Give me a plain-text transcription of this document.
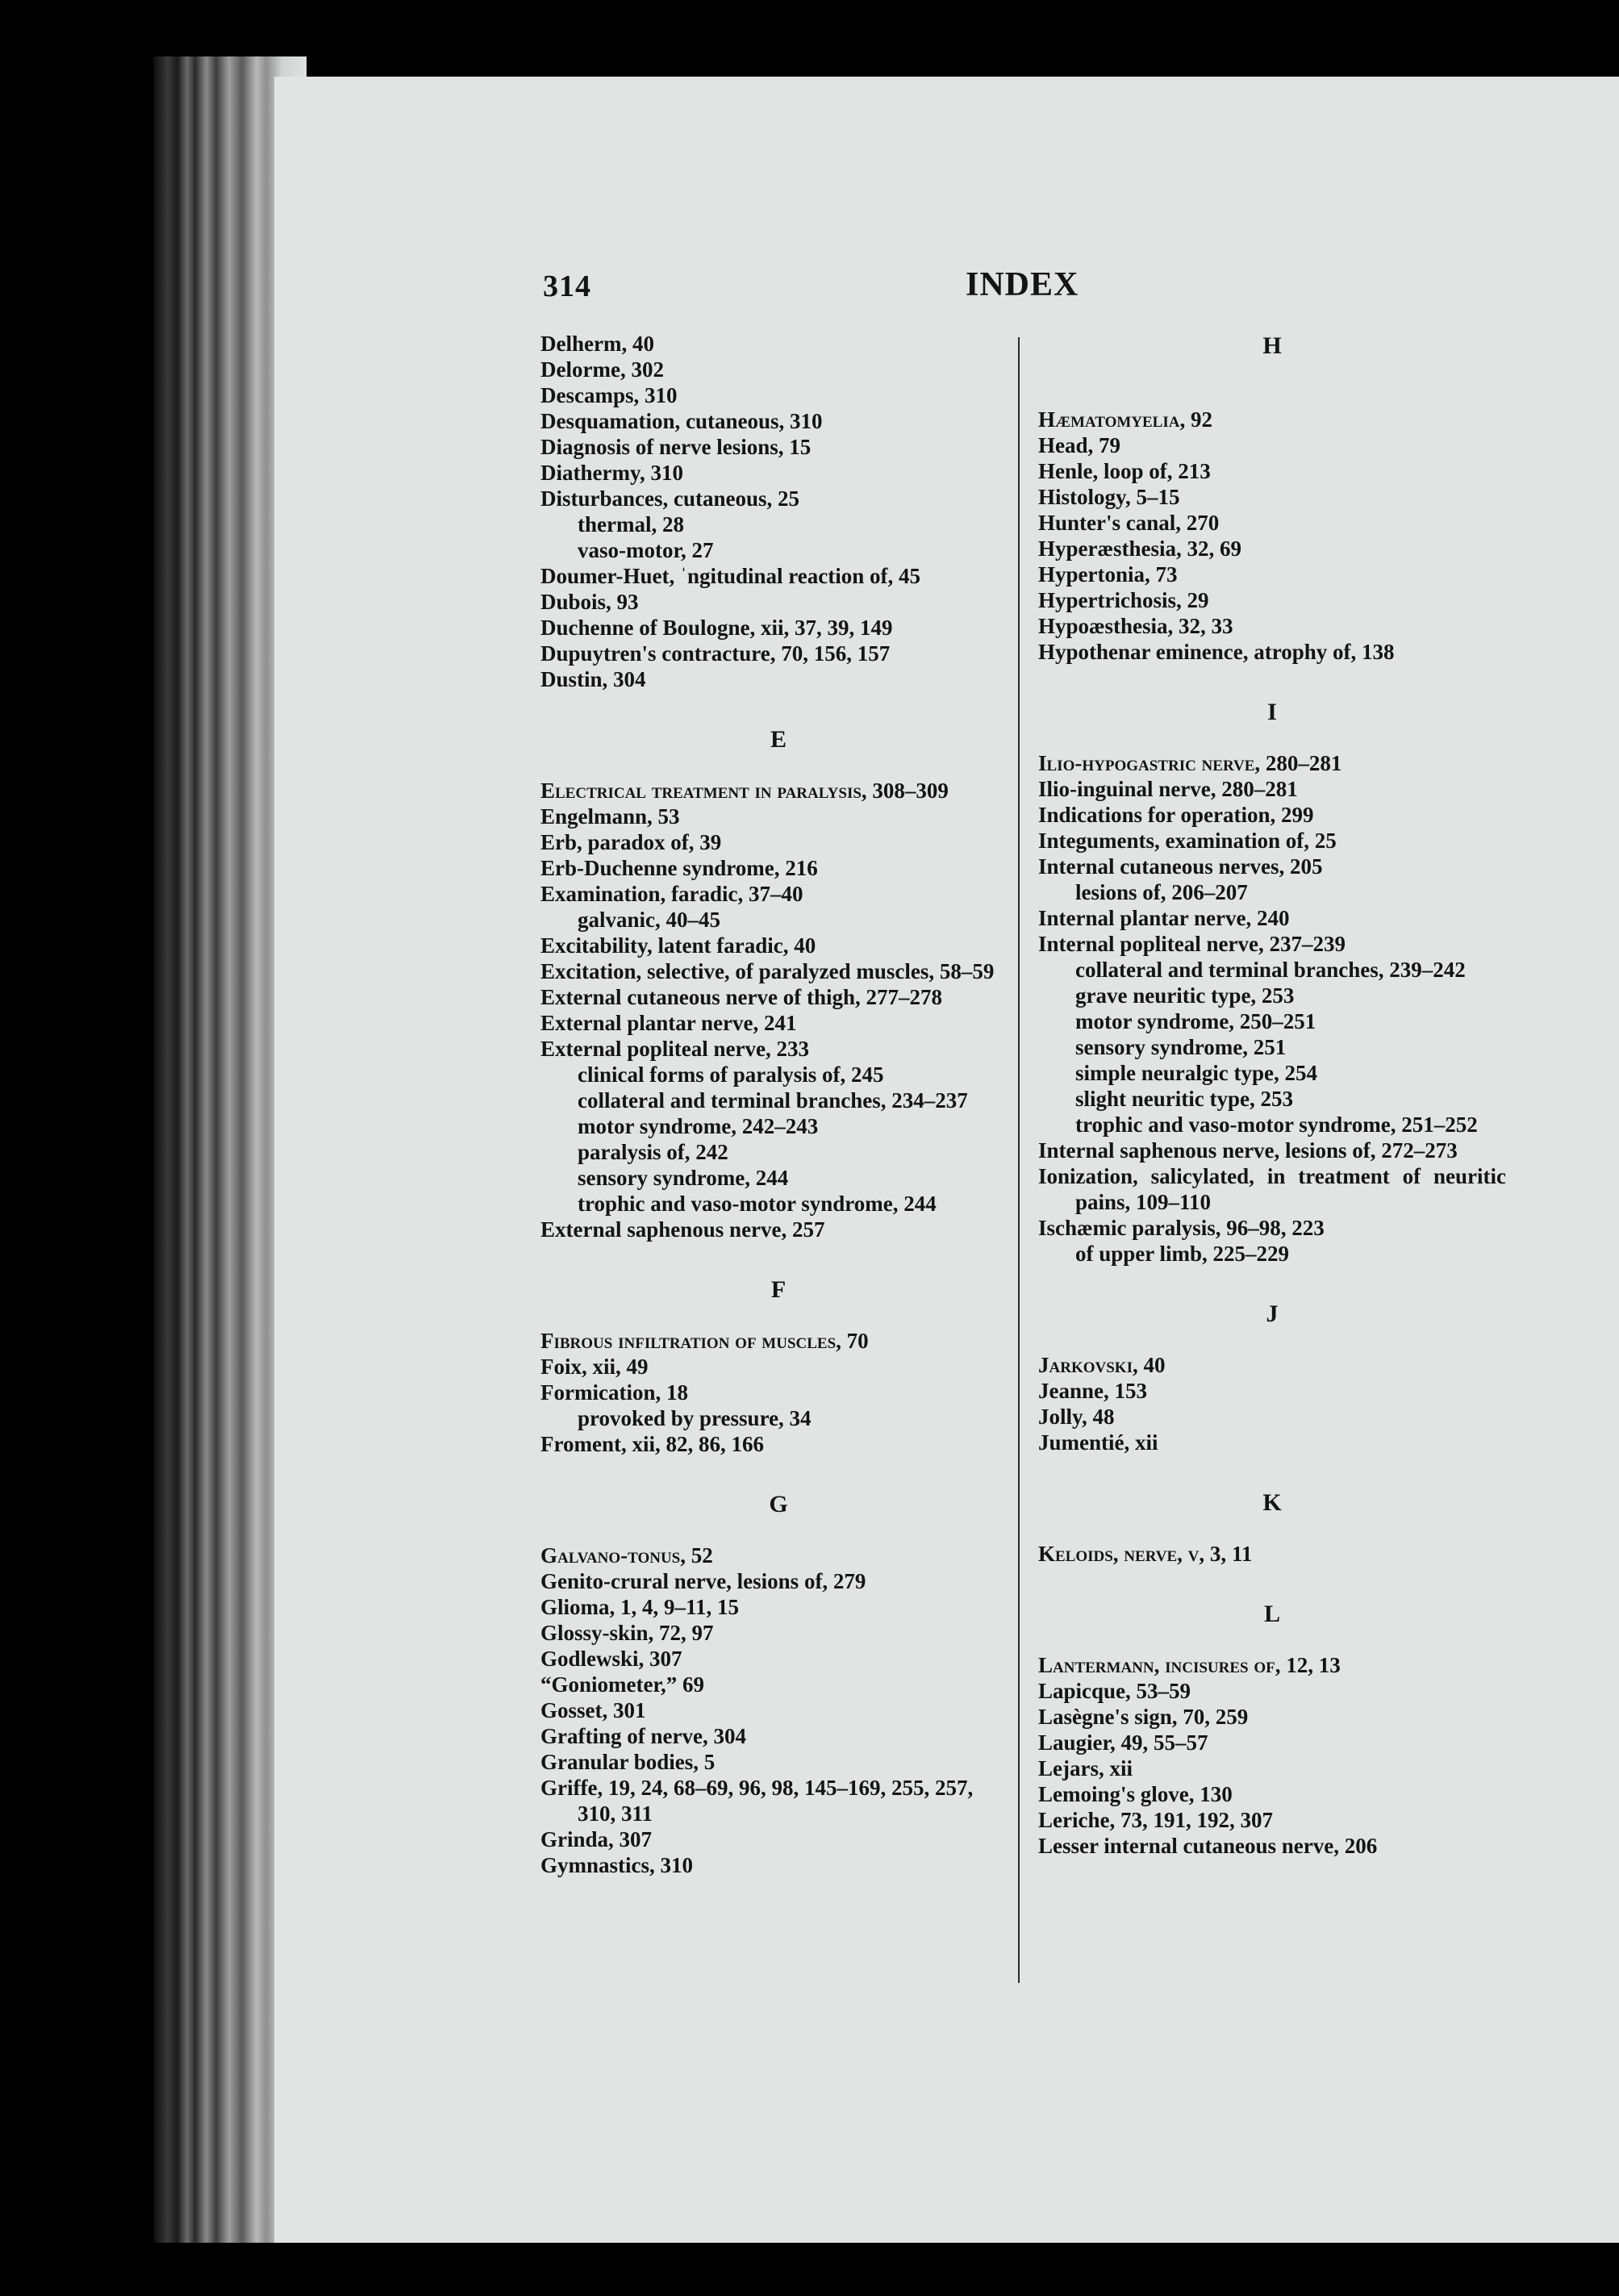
314	INDEX
Delherm, 40
Delorme, 302
Descamps, 310
Desquamation, cutaneous, 310
Diagnosis of nerve lesions, 15
Diathermy, 310
Disturbances, cutaneous, 25
thermal, 28
vaso-motor, 27
Doumer-Huet, ˈngitudinal reaction of, 45
Dubois, 93
Duchenne of Boulogne, xii, 37, 39, 149
Dupuytren's contracture, 70, 156, 157
Dustin, 304
E
Electrical treatment in paralysis, 308–309
Engelmann, 53
Erb, paradox of, 39
Erb-Duchenne syndrome, 216
Examination, faradic, 37–40
galvanic, 40–45
Excitability, latent faradic, 40
Excitation, selective, of paralyzed muscles, 58–59
External cutaneous nerve of thigh, 277–278
External plantar nerve, 241
External popliteal nerve, 233
clinical forms of paralysis of, 245
collateral and terminal branches, 234–237
motor syndrome, 242–243
paralysis of, 242
sensory syndrome, 244
trophic and vaso-motor syndrome, 244
External saphenous nerve, 257
F
Fibrous infiltration of muscles, 70
Foix, xii, 49
Formication, 18
provoked by pressure, 34
Froment, xii, 82, 86, 166
G
Galvano-tonus, 52
Genito-crural nerve, lesions of, 279
Glioma, 1, 4, 9–11, 15
Glossy-skin, 72, 97
Godlewski, 307
“Goniometer,” 69
Gosset, 301
Grafting of nerve, 304
Granular bodies, 5
Griffe, 19, 24, 68–69, 96, 98, 145–169, 255, 257, 310, 311
Grinda, 307
Gymnastics, 310
H
Hæmatomyelia, 92
Head, 79
Henle, loop of, 213
Histology, 5–15
Hunter's canal, 270
Hyperæsthesia, 32, 69
Hypertonia, 73
Hypertrichosis, 29
Hypoæsthesia, 32, 33
Hypothenar eminence, atrophy of, 138
I
Ilio-hypogastric nerve, 280–281
Ilio-inguinal nerve, 280–281
Indications for operation, 299
Integuments, examination of, 25
Internal cutaneous nerves, 205
lesions of, 206–207
Internal plantar nerve, 240
Internal popliteal nerve, 237–239
collateral and terminal branches, 239–242
grave neuritic type, 253
motor syndrome, 250–251
sensory syndrome, 251
simple neuralgic type, 254
slight neuritic type, 253
trophic and vaso-motor syndrome, 251–252
Internal saphenous nerve, lesions of, 272–273
Ionization, salicylated, in treatment of neuritic pains, 109–110
Ischæmic paralysis, 96–98, 223
of upper limb, 225–229
J
Jarkovski, 40
Jeanne, 153
Jolly, 48
Jumentié, xii
K
Keloids, nerve, v, 3, 11
L
Lantermann, incisures of, 12, 13
Lapicque, 53–59
Lasègne's sign, 70, 259
Laugier, 49, 55–57
Lejars, xii
Lemoing's glove, 130
Leriche, 73, 191, 192, 307
Lesser internal cutaneous nerve, 206
